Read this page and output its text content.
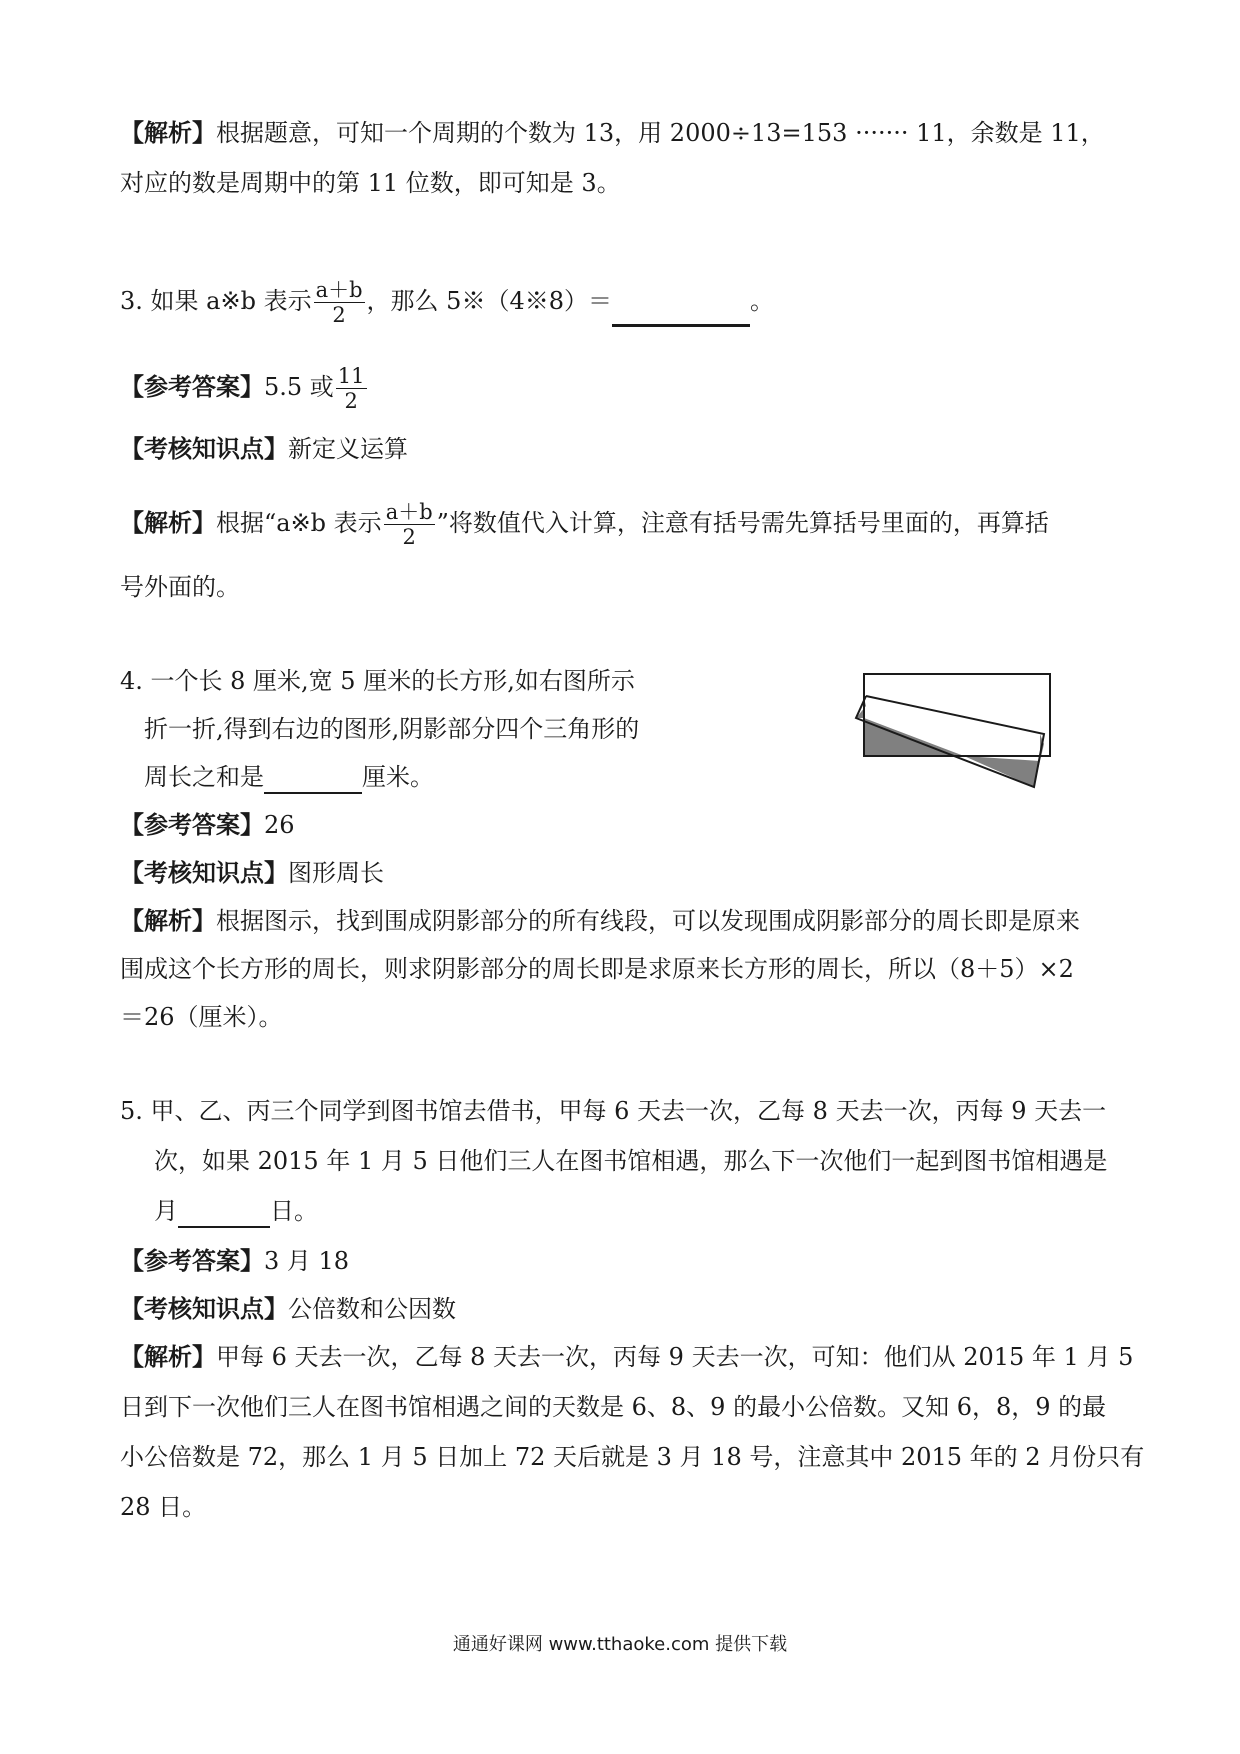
【解析】根据题意，可知一个周期的个数为 13，用 2000÷13=153 ······· 11，余数是 11，
对应的数是周期中的第 11 位数，即可知是 3。
3. 如果 a※b 表示 $\frac{a+b}{2}$ ，那么 5※（4※8）＝	。
【参考答案】5.5 或 $\frac{11}{2}$
【考核知识点】新定义运算
【解析】根据“a※b 表示 $\frac{a+b}{2}$ ”将数值代入计算，注意有括号需先算括号里面的，再算括
号外面的。
4. 一个长 8 厘米,宽 5 厘米的长方形,如右图所示
折一折,得到右边的图形,阴影部分四个三角形的
周长之和是	厘米。
【参考答案】26
【考核知识点】图形周长
【解析】根据图示，找到围成阴影部分的所有线段，可以发现围成阴影部分的周长即是原来
围成这个长方形的周长，则求阴影部分的周长即是求原来长方形的周长，所以（8＋5）×2
＝26（厘米）。
5. 甲、乙、丙三个同学到图书馆去借书，甲每 6 天去一次，乙每 8 天去一次，丙每 9 天去一
次，如果 2015 年 1 月 5 日他们三人在图书馆相遇，那么下一次他们一起到图书馆相遇是
月	日。
【参考答案】3 月 18
【考核知识点】公倍数和公因数
【解析】甲每 6 天去一次，乙每 8 天去一次，丙每 9 天去一次，可知：他们从 2015 年 1 月 5
日到下一次他们三人在图书馆相遇之间的天数是 6、8、9 的最小公倍数。又知 6，8，9 的最
小公倍数是 72，那么 1 月 5 日加上 72 天后就是 3 月 18 号，注意其中 2015 年的 2 月份只有
28 日。
通通好课网 www.tthaoke.com 提供下载
